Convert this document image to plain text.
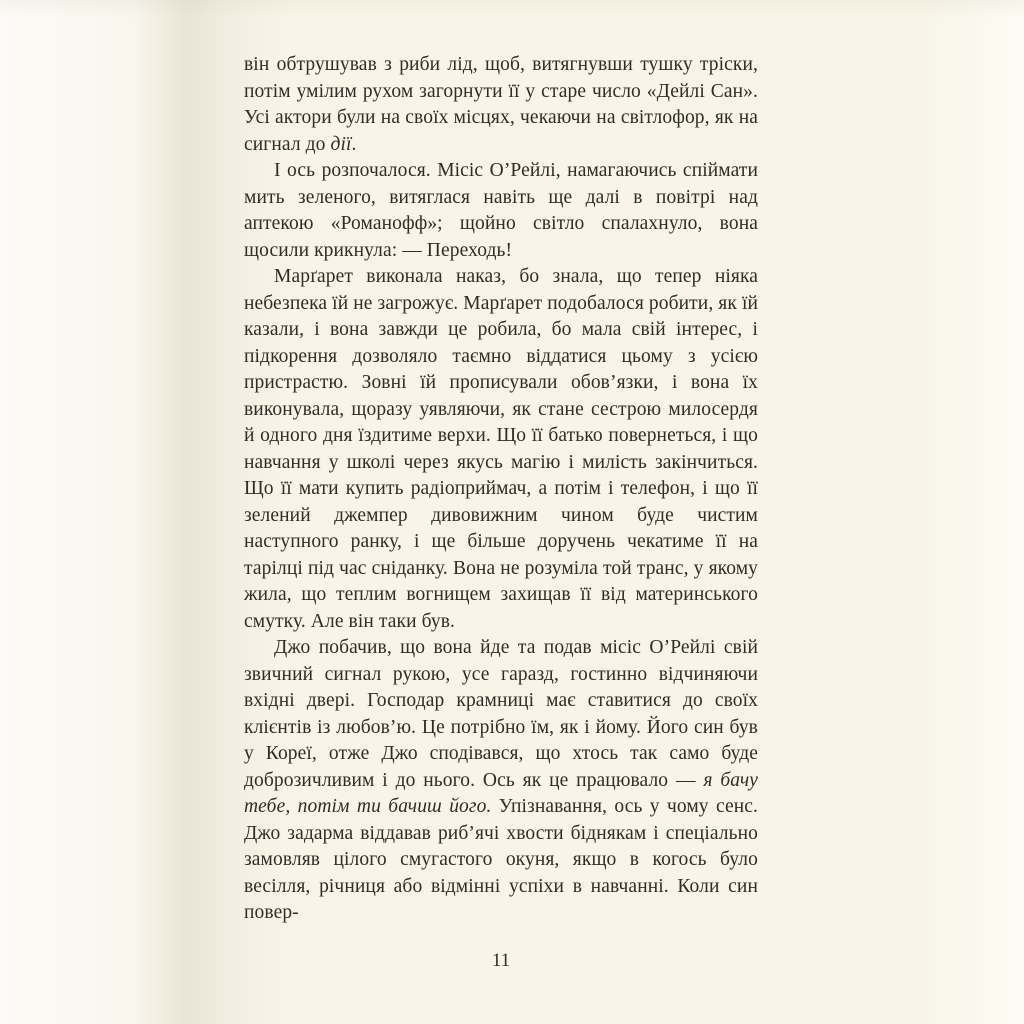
він обтрушував з риби лід, щоб, витягнувши тушку тріски, потім умілим рухом загорнути її у старе число «Дейлі Сан». Усі актори були на своїх місцях, чекаючи на світлофор, як на сигнал до дії.

І ось розпочалося. Місіс О’Рейлі, намагаючись спіймати мить зеленого, витяглася навіть ще далі в повітрі над аптекою «Романофф»; щойно світло спалахнуло, вона щосили крикнула: — Переходь!

Марґарет виконала наказ, бо знала, що тепер ніяка небезпека їй не загрожує. Марґарет подобалося робити, як їй казали, і вона завжди це робила, бо мала свій інтерес, і підкорення дозволяло таємно віддатися цьому з усією пристрастю. Зовні їй прописували обов’язки, і вона їх виконувала, щоразу уявляючи, як стане сестрою милосердя й одного дня їздитиме верхи. Що її батько повернеться, і що навчання у школі через якусь магію і милість закінчиться. Що її мати купить радіоприймач, а потім і телефон, і що її зелений джемпер дивовижним чином буде чистим наступного ранку, і ще більше доручень чекатиме її на тарілці під час сніданку. Вона не розуміла той транс, у якому жила, що теплим вогнищем захищав її від материнського смутку. Але він таки був.

Джо побачив, що вона йде та подав місіс О’Рейлі свій звичний сигнал рукою, усе гаразд, гостинно відчиняючи вхідні двері. Господар крамниці має ставитися до своїх клієнтів із любов’ю. Це потрібно їм, як і йому. Його син був у Кореї, отже Джо сподівався, що хтось так само буде доброзичливим і до нього. Ось як це працювало — я бачу тебе, потім ти бачиш його. Упізнавання, ось у чому сенс. Джо задарма віддавав риб’ячі хвости біднякам і спеціально замовляв цілого смугастого окуня, якщо в когось було весілля, річниця або відмінні успіхи в навчанні. Коли син повер-

11
